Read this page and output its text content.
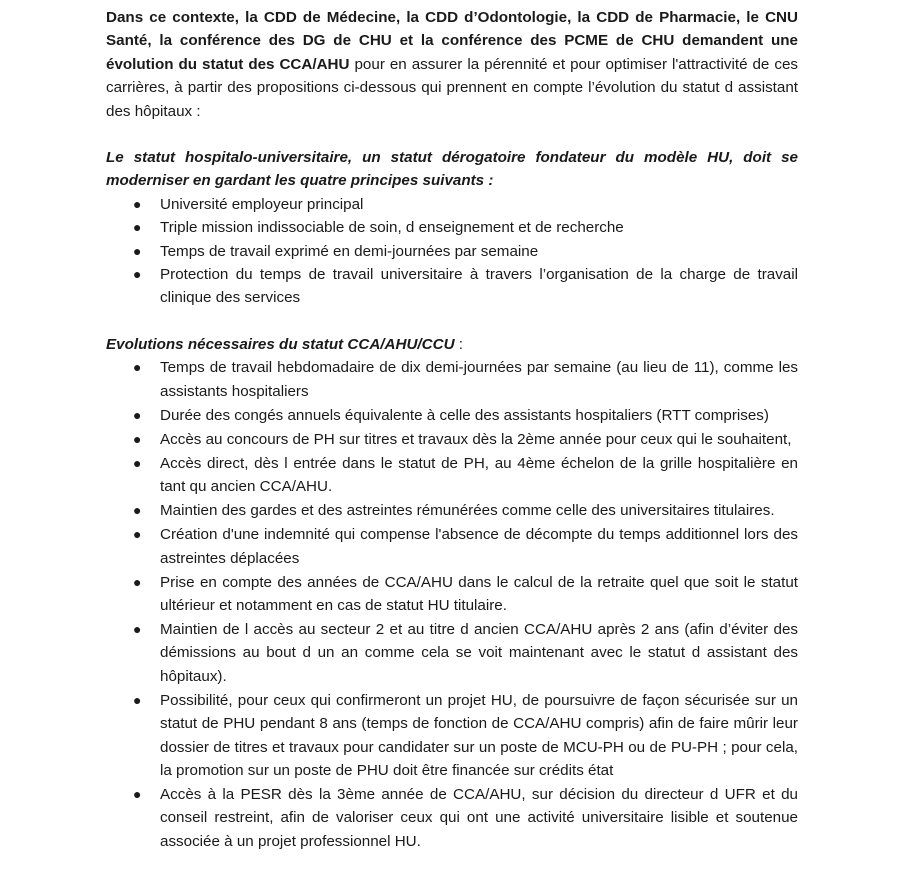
Dans ce contexte, la CDD de Médecine, la CDD d’Odontologie, la CDD de Pharmacie, le CNU Santé, la conférence des DG de CHU et la conférence des PCME de CHU demandent une évolution du statut des CCA/AHU pour en assurer la pérennité et pour optimiser l'attractivité de ces carrières, à partir des propositions ci-dessous qui prennent en compte l’évolution du statut d assistant des hôpitaux :

Le statut hospitalo-universitaire, un statut dérogatoire fondateur du modèle HU, doit se moderniser en gardant les quatre principes suivants :

● Université employeur principal
● Triple mission indissociable de soin, d enseignement et de recherche
● Temps de travail exprimé en demi-journées par semaine
● Protection du temps de travail universitaire à travers l’organisation de la charge de travail clinique des services

Evolutions nécessaires du statut CCA/AHU/CCU :

● Temps de travail hebdomadaire de dix demi-journées par semaine (au lieu de 11), comme les assistants hospitaliers
● Durée des congés annuels équivalente à celle des assistants hospitaliers (RTT comprises)
● Accès au concours de PH sur titres et travaux dès la 2ème année pour ceux qui le souhaitent,
● Accès direct, dès l entrée dans le statut de PH, au 4ème échelon de la grille hospitalière en tant qu ancien CCA/AHU.
● Maintien des gardes et des astreintes rémunérées comme celle des universitaires titulaires.
● Création d'une indemnité qui compense l'absence de décompte du temps additionnel lors des astreintes déplacées
● Prise en compte des années de CCA/AHU dans le calcul de la retraite quel que soit le statut ultérieur et notamment en cas de statut HU titulaire.
● Maintien de l accès au secteur 2 et au titre d ancien CCA/AHU après 2 ans (afin d’éviter des démissions au bout d un an comme cela se voit maintenant avec le statut d assistant des hôpitaux).
● Possibilité, pour ceux qui confirmeront un projet HU, de poursuivre de façon sécurisée sur un statut de PHU pendant 8 ans (temps de fonction de CCA/AHU compris) afin de faire mûrir leur dossier de titres et travaux pour candidater sur un poste de MCU-PH ou de PU-PH ; pour cela, la promotion sur un poste de PHU doit être financée sur crédits état
● Accès à la PESR dès la 3ème année de CCA/AHU, sur décision du directeur d UFR et du conseil restreint, afin de valoriser ceux qui ont une activité universitaire lisible et soutenue associée à un projet professionnel HU.
